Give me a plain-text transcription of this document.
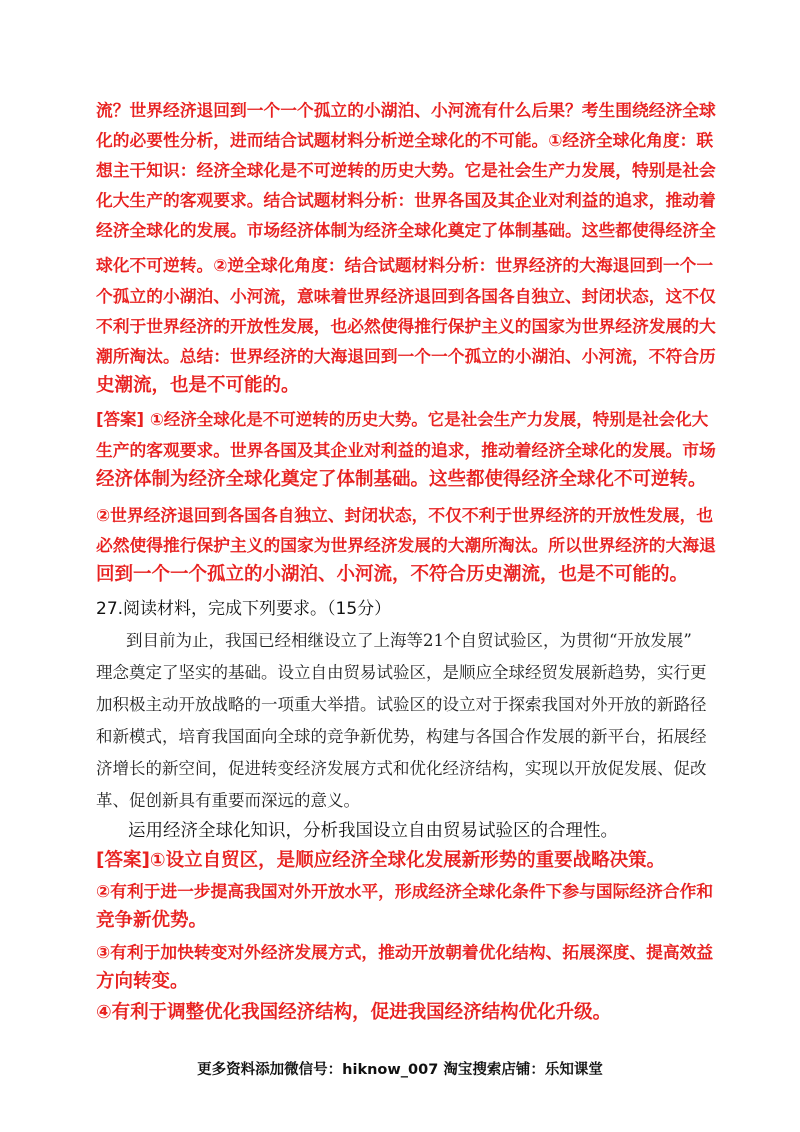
流？世界经济退回到一个一个孤立的小湖泊、小河流有什么后果？考生围绕经济全球
化的必要性分析，进而结合试题材料分析逆全球化的不可能。①经济全球化角度：联
想主干知识：经济全球化是不可逆转的历史大势。它是社会生产力发展，特别是社会
化大生产的客观要求。结合试题材料分析：世界各国及其企业对利益的追求，推动着
经济全球化的发展。市场经济体制为经济全球化奠定了体制基础。这些都使得经济全
球化不可逆转。②逆全球化角度：结合试题材料分析：世界经济的大海退回到一个一
个孤立的小湖泊、小河流，意味着世界经济退回到各国各自独立、封闭状态，这不仅
不利于世界经济的开放性发展，也必然使得推行保护主义的国家为世界经济发展的大
潮所淘汰。总结：世界经济的大海退回到一个一个孤立的小湖泊、小河流，不符合历
史潮流，也是不可能的。
[答案] ①经济全球化是不可逆转的历史大势。它是社会生产力发展，特别是社会化大
生产的客观要求。世界各国及其企业对利益的追求，推动着经济全球化的发展。市场
经济体制为经济全球化奠定了体制基础。这些都使得经济全球化不可逆转。
②世界经济退回到各国各自独立、封闭状态，不仅不利于世界经济的开放性发展，也
必然使得推行保护主义的国家为世界经济发展的大潮所淘汰。所以世界经济的大海退
回到一个一个孤立的小湖泊、小河流，不符合历史潮流，也是不可能的。
27.阅读材料，完成下列要求。（15分）
到目前为止，我国已经相继设立了上海等21个自贸试验区，为贯彻“开放发展”
理念奠定了坚实的基础。设立自由贸易试验区，是顺应全球经贸发展新趋势，实行更
加积极主动开放战略的一项重大举措。试验区的设立对于探索我国对外开放的新路径
和新模式，培育我国面向全球的竞争新优势，构建与各国合作发展的新平台，拓展经
济增长的新空间，促进转变经济发展方式和优化经济结构，实现以开放促发展、促改
革、促创新具有重要而深远的意义。
运用经济全球化知识，分析我国设立自由贸易试验区的合理性。
[答案]①设立自贸区，是顺应经济全球化发展新形势的重要战略决策。
②有利于进一步提高我国对外开放水平，形成经济全球化条件下参与国际经济合作和
竞争新优势。
③有利于加快转变对外经济发展方式，推动开放朝着优化结构、拓展深度、提高效益
方向转变。
④有利于调整优化我国经济结构，促进我国经济结构优化升级。
更多资料添加微信号：hiknow_007 淘宝搜索店铺：乐知课堂
